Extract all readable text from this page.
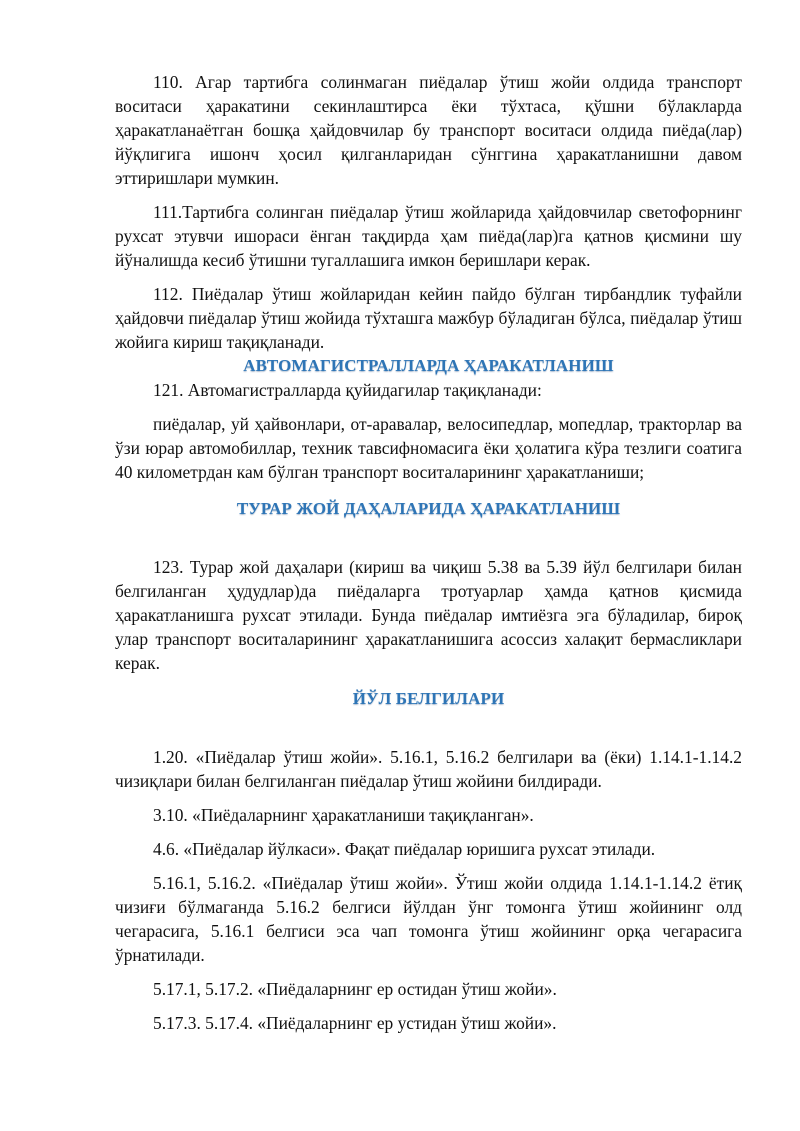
110. Агар тартибга солинмаган пиёдалар ўтиш жойи олдида транспорт воситаси ҳаракатини секинлаштирса ёки тўхтаса, қўшни бўлакларда ҳаракатланаётган бошқа ҳайдовчилар бу транспорт воситаси олдида пиёда(лар) йўқлигига ишонч ҳосил қилганларидан сўнггина ҳаракатланишни давом эттиришлари мумкин.

111.Тартибга солинган пиёдалар ўтиш жойларида ҳайдовчилар светофорнинг рухсат этувчи ишораси ёнган тақдирда ҳам пиёда(лар)га қатнов қисмини шу йўналишда кесиб ўтишни тугаллашига имкон беришлари керак.

112. Пиёдалар ўтиш жойларидан кейин пайдо бўлган тирбандлик туфайли ҳайдовчи пиёдалар ўтиш жойида тўхташга мажбур бўладиган бўлса, пиёдалар ўтиш жойига кириш тақиқланади.

АВТОМАГИСТРАЛЛАРДА ҲАРАКАТЛАНИШ

121. Автомагистралларда қуйидагилар тақиқланади:

пиёдалар, уй ҳайвонлари, от-аравалар, велосипедлар, мопедлар, тракторлар ва ўзи юрар автомобиллар, техник тавсифномасига ёки ҳолатига кўра тезлиги соатига 40 километрдан кам бўлган транспорт воситаларининг ҳаракатланиши;

ТУРАР ЖОЙ ДАҲАЛАРИДА ҲАРАКАТЛАНИШ

123. Турар жой даҳалари (кириш ва чиқиш 5.38 ва 5.39 йўл белгилари билан белгиланган ҳудудлар)да пиёдаларга тротуарлар ҳамда қатнов қисмида ҳаракатланишга рухсат этилади. Бунда пиёдалар имтиёзга эга бўладилар, бироқ улар транспорт воситаларининг ҳаракатланишига асоссиз халақит бермасликлари керак.

ЙЎЛ БЕЛГИЛАРИ

1.20. «Пиёдалар ўтиш жойи». 5.16.1, 5.16.2 белгилари ва (ёки) 1.14.1-1.14.2 чизиқлари билан белгиланган пиёдалар ўтиш жойини билдиради.

3.10. «Пиёдаларнинг ҳаракатланиши тақиқланган».

4.6. «Пиёдалар йўлкаси». Фақат пиёдалар юришига рухсат этилади.

5.16.1, 5.16.2. «Пиёдалар ўтиш жойи». Ўтиш жойи олдида 1.14.1-1.14.2 ётиқ чизиғи бўлмаганда 5.16.2 белгиси йўлдан ўнг томонга ўтиш жойининг олд чегарасига, 5.16.1 белгиси эса чап томонга ўтиш жойининг орқа чегарасига ўрнатилади.

5.17.1, 5.17.2. «Пиёдаларнинг ер остидан ўтиш жойи».

5.17.3. 5.17.4. «Пиёдаларнинг ер устидан ўтиш жойи».
